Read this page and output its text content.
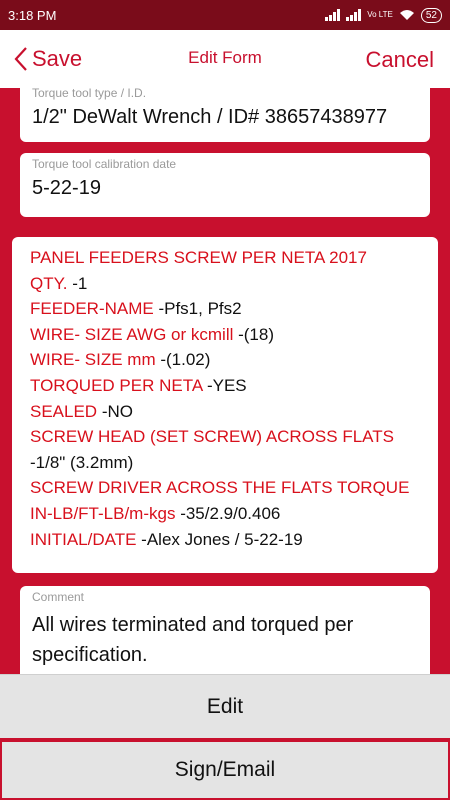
3:18 PM	Vo LTE	52
Save	Edit Form	Cancel
Torque tool type / I.D.
1/2" DeWalt Wrench / ID# 38657438977
Torque tool calibration date
5-22-19
PANEL FEEDERS SCREW PER NETA 2017
QTY. -1
FEEDER-NAME -Pfs1, Pfs2
WIRE- SIZE AWG or kcmill -(18)
WIRE- SIZE mm -(1.02)
TORQUED PER NETA -YES
SEALED -NO
SCREW HEAD (SET SCREW) ACROSS FLATS -1/8" (3.2mm)
SCREW DRIVER ACROSS THE FLATS TORQUE IN-LB/FT-LB/m-kgs -35/2.9/0.406
INITIAL/DATE -Alex Jones / 5-22-19
Comment
All wires terminated and torqued per specification.
Edit
Sign/Email
